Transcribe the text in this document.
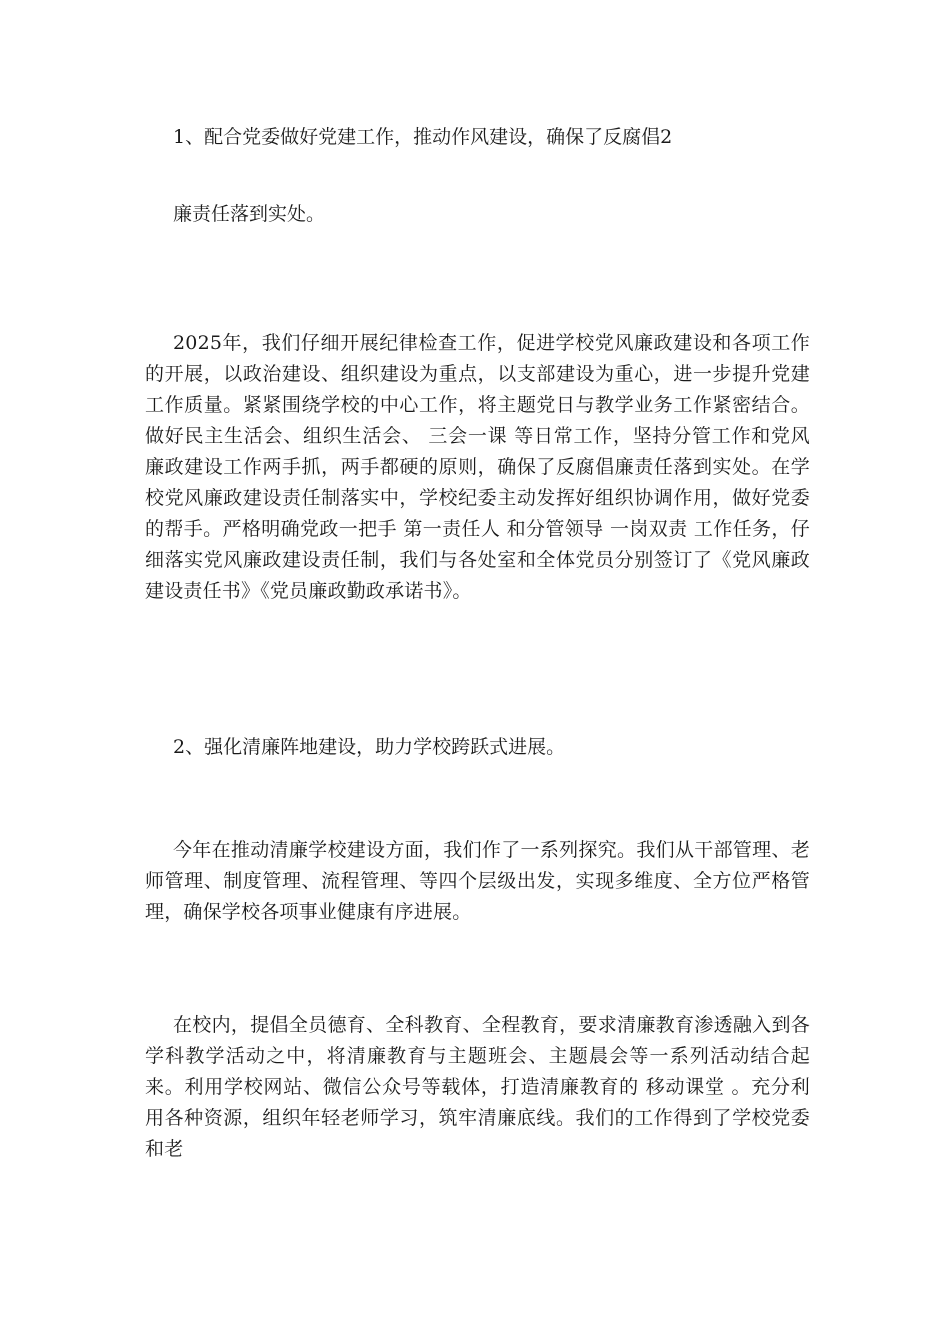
1、配合党委做好党建工作，推动作风建设，确保了反腐倡2

廉责任落到实处。

2025年，我们仔细开展纪律检查工作，促进学校党风廉政建设和各项工作的开展，以政治建设、组织建设为重点，以支部建设为重心，进一步提升党建工作质量。紧紧围绕学校的中心工作，将主题党日与教学业务工作紧密结合。做好民主生活会、组织生活会、 三会一课 等日常工作，坚持分管工作和党风廉政建设工作两手抓，两手都硬的原则，确保了反腐倡廉责任落到实处。在学校党风廉政建设责任制落实中，学校纪委主动发挥好组织协调作用，做好党委的帮手。严格明确党政一把手 第一责任人 和分管领导 一岗双责 工作任务，仔细落实党风廉政建设责任制，我们与各处室和全体党员分别签订了《党风廉政建设责任书》《党员廉政勤政承诺书》。

2、强化清廉阵地建设，助力学校跨跃式进展。

今年在推动清廉学校建设方面，我们作了一系列探究。我们从干部管理、老师管理、制度管理、流程管理、等四个层级出发，实现多维度、全方位严格管理，确保学校各项事业健康有序进展。

在校内，提倡全员德育、全科教育、全程教育，要求清廉教育渗透融入到各学科教学活动之中，将清廉教育与主题班会、主题晨会等一系列活动结合起来。利用学校网站、微信公众号等载体，打造清廉教育的 移动课堂 。充分利用各种资源，组织年轻老师学习，筑牢清廉底线。我们的工作得到了学校党委和老
